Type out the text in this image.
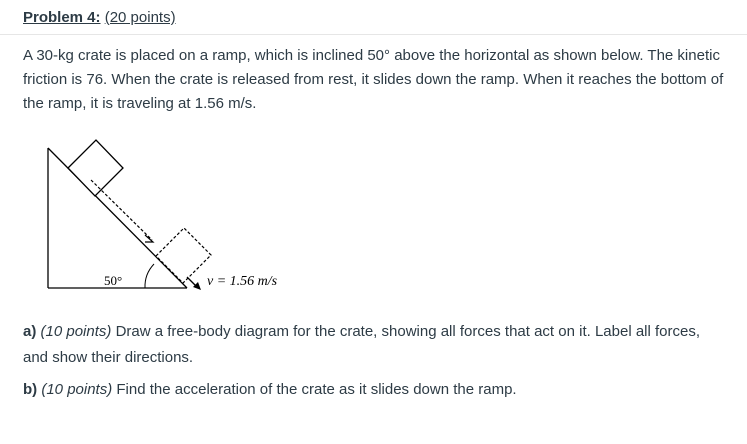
Problem 4: (20 points)

A 30-kg crate is placed on a ramp, which is inclined 50° above the horizontal as shown below. The kinetic friction is 76. When the crate is released from rest, it slides down the ramp. When it reaches the bottom of the ramp, it is traveling at 1.56 m/s.

50°	v = 1.56 m/s

a) (10 points) Draw a free-body diagram for the crate, showing all forces that act on it. Label all forces, and show their directions.

b) (10 points) Find the acceleration of the crate as it slides down the ramp.
